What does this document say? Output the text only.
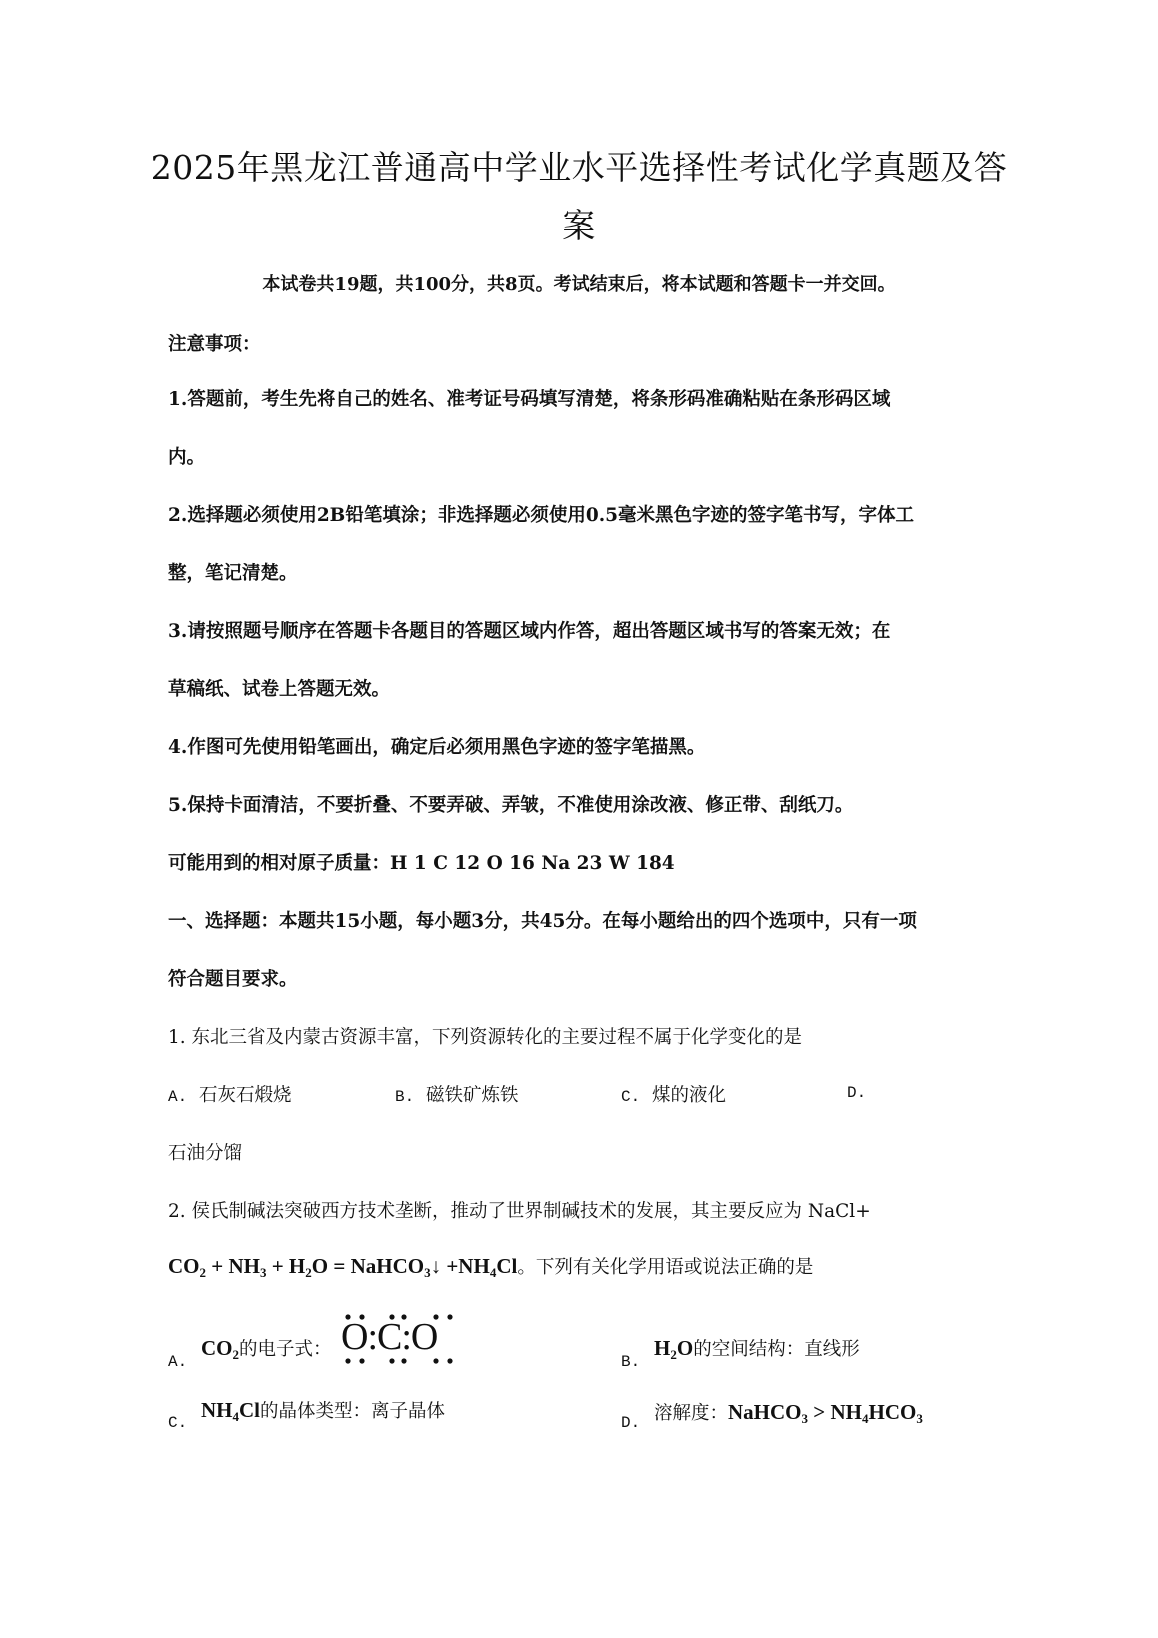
2025年黑龙江普通高中学业水平选择性考试化学真题及答
案
本试卷共19题，共100分，共8页。考试结束后，将本试题和答题卡一并交回。
注意事项：
1.答题前，考生先将自己的姓名、准考证号码填写清楚，将条形码准确粘贴在条形码区域
内。
2.选择题必须使用2B铅笔填涂；非选择题必须使用0.5毫米黑色字迹的签字笔书写，字体工
整，笔记清楚。
3.请按照题号顺序在答题卡各题目的答题区域内作答，超出答题区域书写的答案无效；在
草稿纸、试卷上答题无效。
4.作图可先使用铅笔画出，确定后必须用黑色字迹的签字笔描黑。
5.保持卡面清洁，不要折叠、不要弄破、弄皱，不准使用涂改液、修正带、刮纸刀。
可能用到的相对原子质量：H 1 C 12 O 16 Na 23 W 184
一、选择题：本题共15小题，每小题3分，共45分。在每小题给出的四个选项中，只有一项
符合题目要求。
1. 东北三省及内蒙古资源丰富，下列资源转化的主要过程不属于化学变化的是
A. 石灰石煅烧	B. 磁铁矿炼铁	C. 煤的液化	D.
石油分馏
2. 侯氏制碱法突破西方技术垄断，推动了世界制碱技术的发展，其主要反应为 NaCl+
$CO_2 + NH_3 + H_2O$ = NaHCO$_3$↓ $+NH_4Cl$。下列有关化学用语或说法正确的是
A.
$CO_2$的电子式： O:C:O
B.
$H_2O$的空间结构：直线形
C.
$NH_4Cl$的晶体类型：离子晶体
D. 溶解度：NaHCO$_3$ > $NH_4HCO_3$
